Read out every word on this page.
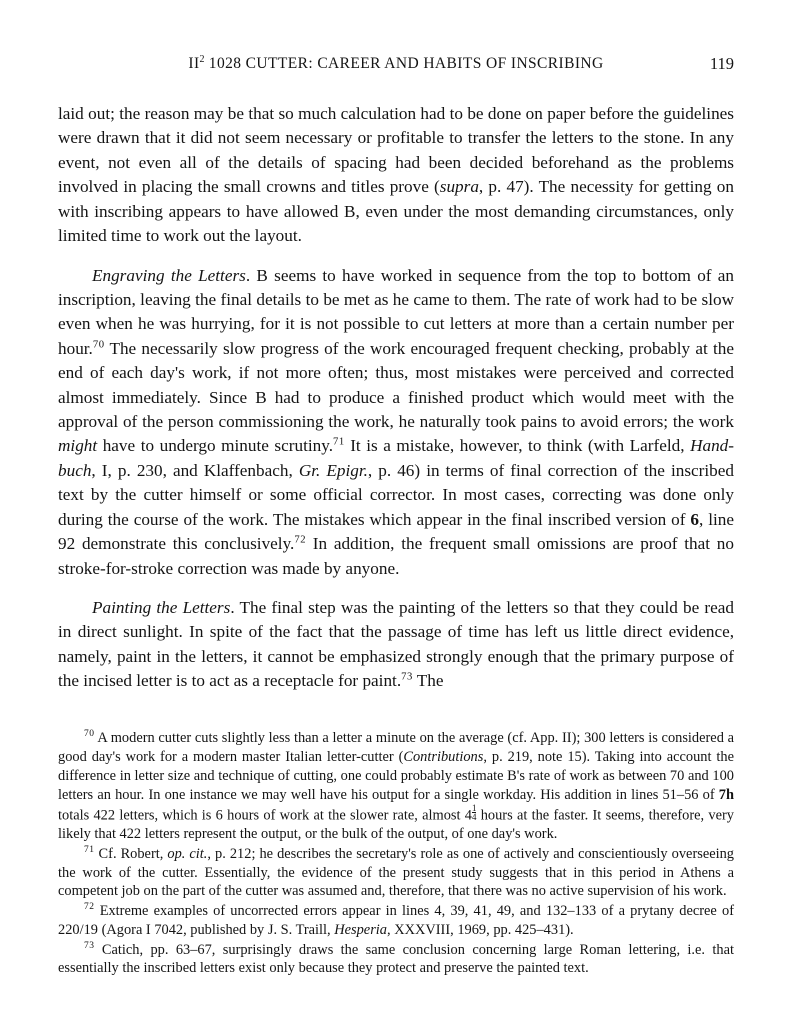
$II^2$ 1028 CUTTER: CAREER AND HABITS OF INSCRIBING	119

laid out; the reason may be that so much calculation had to be done on paper before the guidelines were drawn that it did not seem necessary or profitable to transfer the letters to the stone. In any event, not even all of the details of spacing had been decided beforehand as the problems involved in placing the small crowns and titles prove (supra, p. 47). The necessity for getting on with inscribing appears to have allowed B, even under the most demanding circumstances, only limited time to work out the layout.

Engraving the Letters. B seems to have worked in sequence from the top to bottom of an inscription, leaving the final details to be met as he came to them. The rate of work had to be slow even when he was hurrying, for it is not possible to cut letters at more than a certain number per hour.$^{70}$ The necessarily slow progress of the work encouraged frequent checking, probably at the end of each day's work, if not more often; thus, most mistakes were perceived and corrected almost immediately. Since B had to produce a finished product which would meet with the approval of the person commissioning the work, he naturally took pains to avoid errors; the work might have to undergo minute scrutiny.$^{71}$ It is a mistake, however, to think (with Larfeld, Hand-buch, I, p. 230, and Klaffenbach, Gr. Epigr., p. 46) in terms of final correction of the inscribed text by the cutter himself or some official corrector. In most cases, correcting was done only during the course of the work. The mistakes which appear in the final inscribed version of 6, line 92 demonstrate this conclusively.$^{72}$ In addition, the frequent small omissions are proof that no stroke-for-stroke correction was made by anyone.

Painting the Letters. The final step was the painting of the letters so that they could be read in direct sunlight. In spite of the fact that the passage of time has left us little direct evidence, namely, paint in the letters, it cannot be emphasized strongly enough that the primary purpose of the incised letter is to act as a receptacle for paint.$^{73}$ The

$^{70}$ A modern cutter cuts slightly less than a letter a minute on the average (cf. App. II); 300 letters is considered a good day's work for a modern master Italian letter-cutter (Contributions, p. 219, note 15). Taking into account the difference in letter size and technique of cutting, one could probably estimate B's rate of work as between 70 and 100 letters an hour. In one instance we may well have his output for a single workday. His addition in lines 51–56 of 7h totals 422 letters, which is 6 hours of work at the slower rate, almost $4 \frac{1}{4}$ hours at the faster. It seems, therefore, very likely that 422 letters represent the output, or the bulk of the output, of one day's work.

$^{71}$ Cf. Robert, op. cit., p. 212; he describes the secretary's role as one of actively and conscientiously overseeing the work of the cutter. Essentially, the evidence of the present study suggests that in this period in Athens a competent job on the part of the cutter was assumed and, therefore, that there was no active supervision of his work.

$^{72}$ Extreme examples of uncorrected errors appear in lines 4, 39, 41, 49, and 132–133 of a prytany decree of 220/19 (Agora I 7042, published by J. S. Traill, Hesperia, XXXVIII, 1969, pp. 425–431).

$^{73}$ Catich, pp. 63–67, surprisingly draws the same conclusion concerning large Roman lettering, i.e. that essentially the inscribed letters exist only because they protect and preserve the painted text.
